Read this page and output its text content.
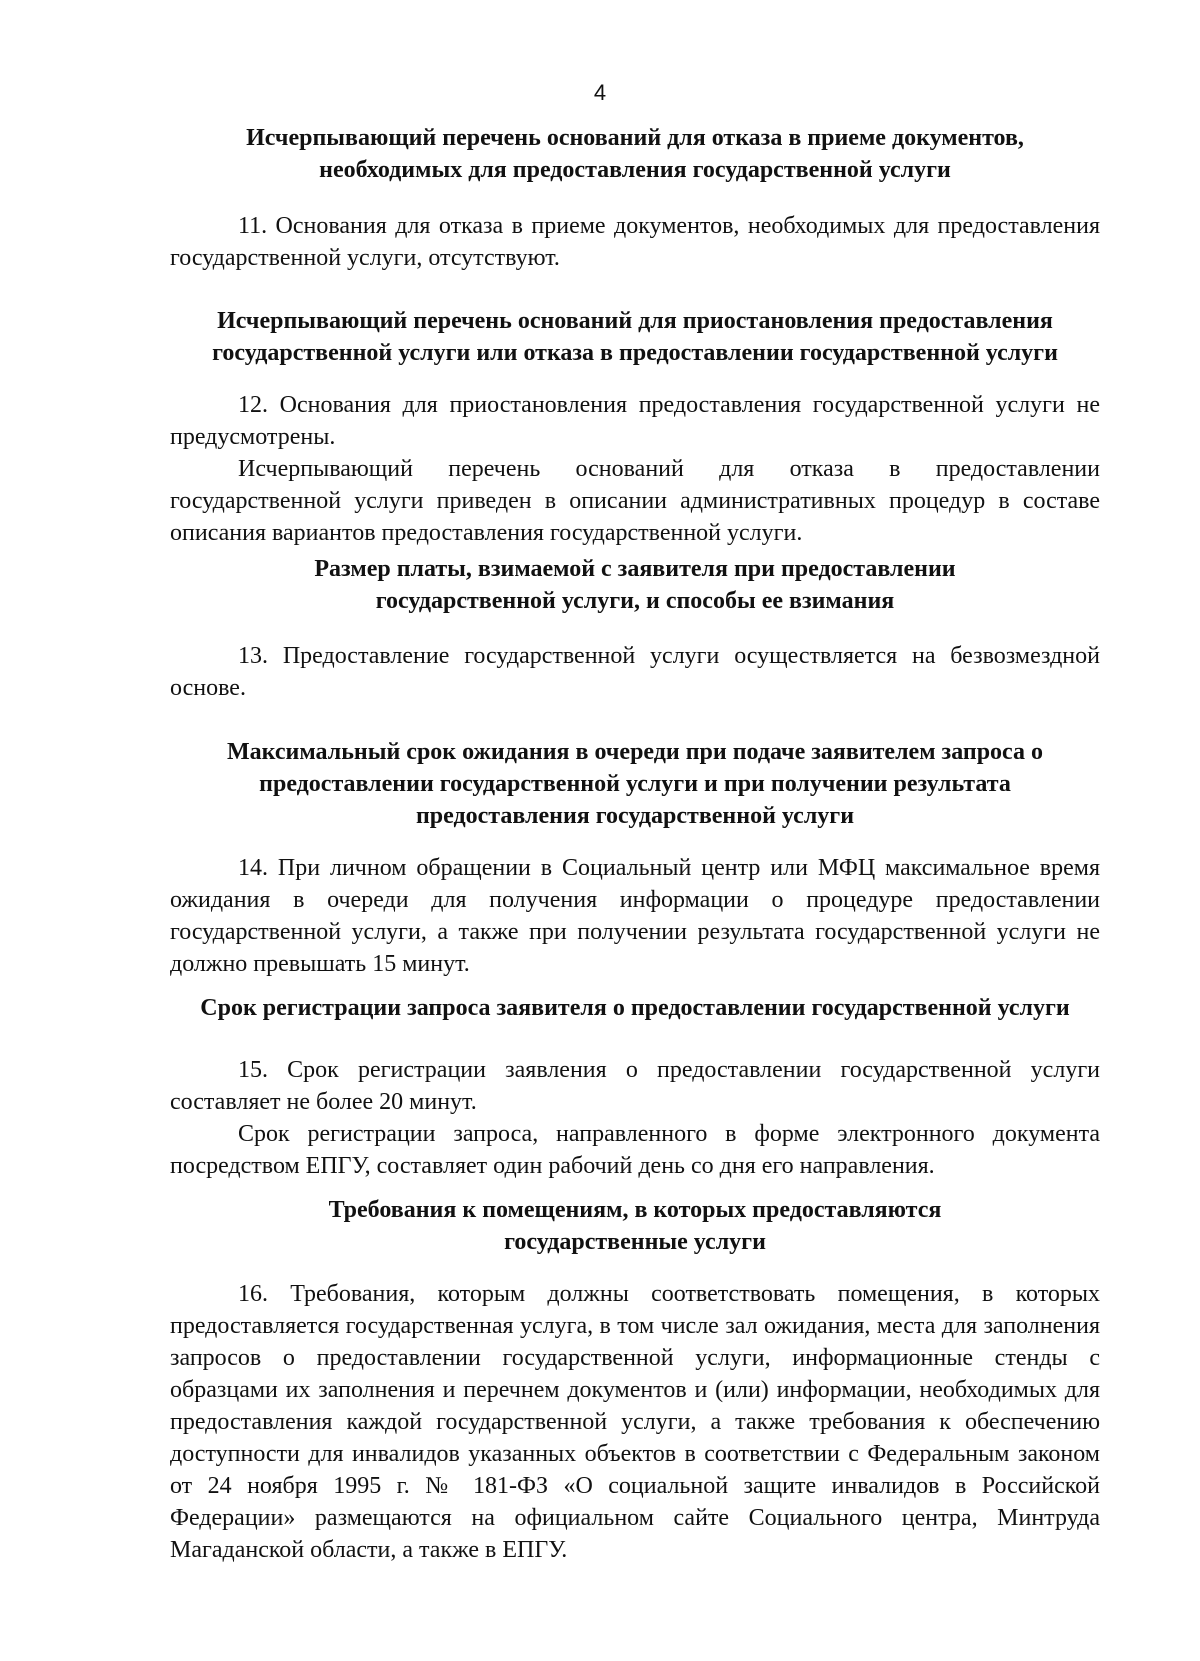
4
Исчерпывающий перечень оснований для отказа в приеме документов,
необходимых для предоставления государственной услуги
11. Основания для отказа в приеме документов, необходимых для предоставления государственной услуги, отсутствуют.
Исчерпывающий перечень оснований для приостановления предоставления
государственной услуги или отказа в предоставлении государственной услуги
12. Основания для приостановления предоставления государственной услуги не предусмотрены.
Исчерпывающий перечень оснований для отказа в предоставлении государственной услуги приведен в описании административных процедур в составе описания вариантов предоставления государственной услуги.
Размер платы, взимаемой с заявителя при предоставлении
государственной услуги, и способы ее взимания
13. Предоставление государственной услуги осуществляется на безвозмездной основе.
Максимальный срок ожидания в очереди при подаче заявителем запроса о
предоставлении государственной услуги и при получении результата
предоставления государственной услуги
14. При личном обращении в Социальный центр или МФЦ максимальное время ожидания в очереди для получения информации о процедуре предоставлении государственной услуги, а также при получении результата государственной услуги не должно превышать 15 минут.
Срок регистрации запроса заявителя о предоставлении государственной услуги
15. Срок регистрации заявления о предоставлении государственной услуги составляет не более 20 минут.
Срок регистрации запроса, направленного в форме электронного документа посредством ЕПГУ, составляет один рабочий день со дня его направления.
Требования к помещениям, в которых предоставляются
государственные услуги
16. Требования, которым должны соответствовать помещения, в которых предоставляется государственная услуга, в том числе зал ожидания, места для заполнения запросов о предоставлении государственной услуги, информационные стенды с образцами их заполнения и перечнем документов и (или) информации, необходимых для предоставления каждой государственной услуги, а также требования к обеспечению доступности для инвалидов указанных объектов в соответствии с Федеральным законом от 24 ноября 1995 г. № 181-ФЗ «О социальной защите инвалидов в Российской Федерации» размещаются на официальном сайте Социального центра, Минтруда Магаданской области, а также в ЕПГУ.
